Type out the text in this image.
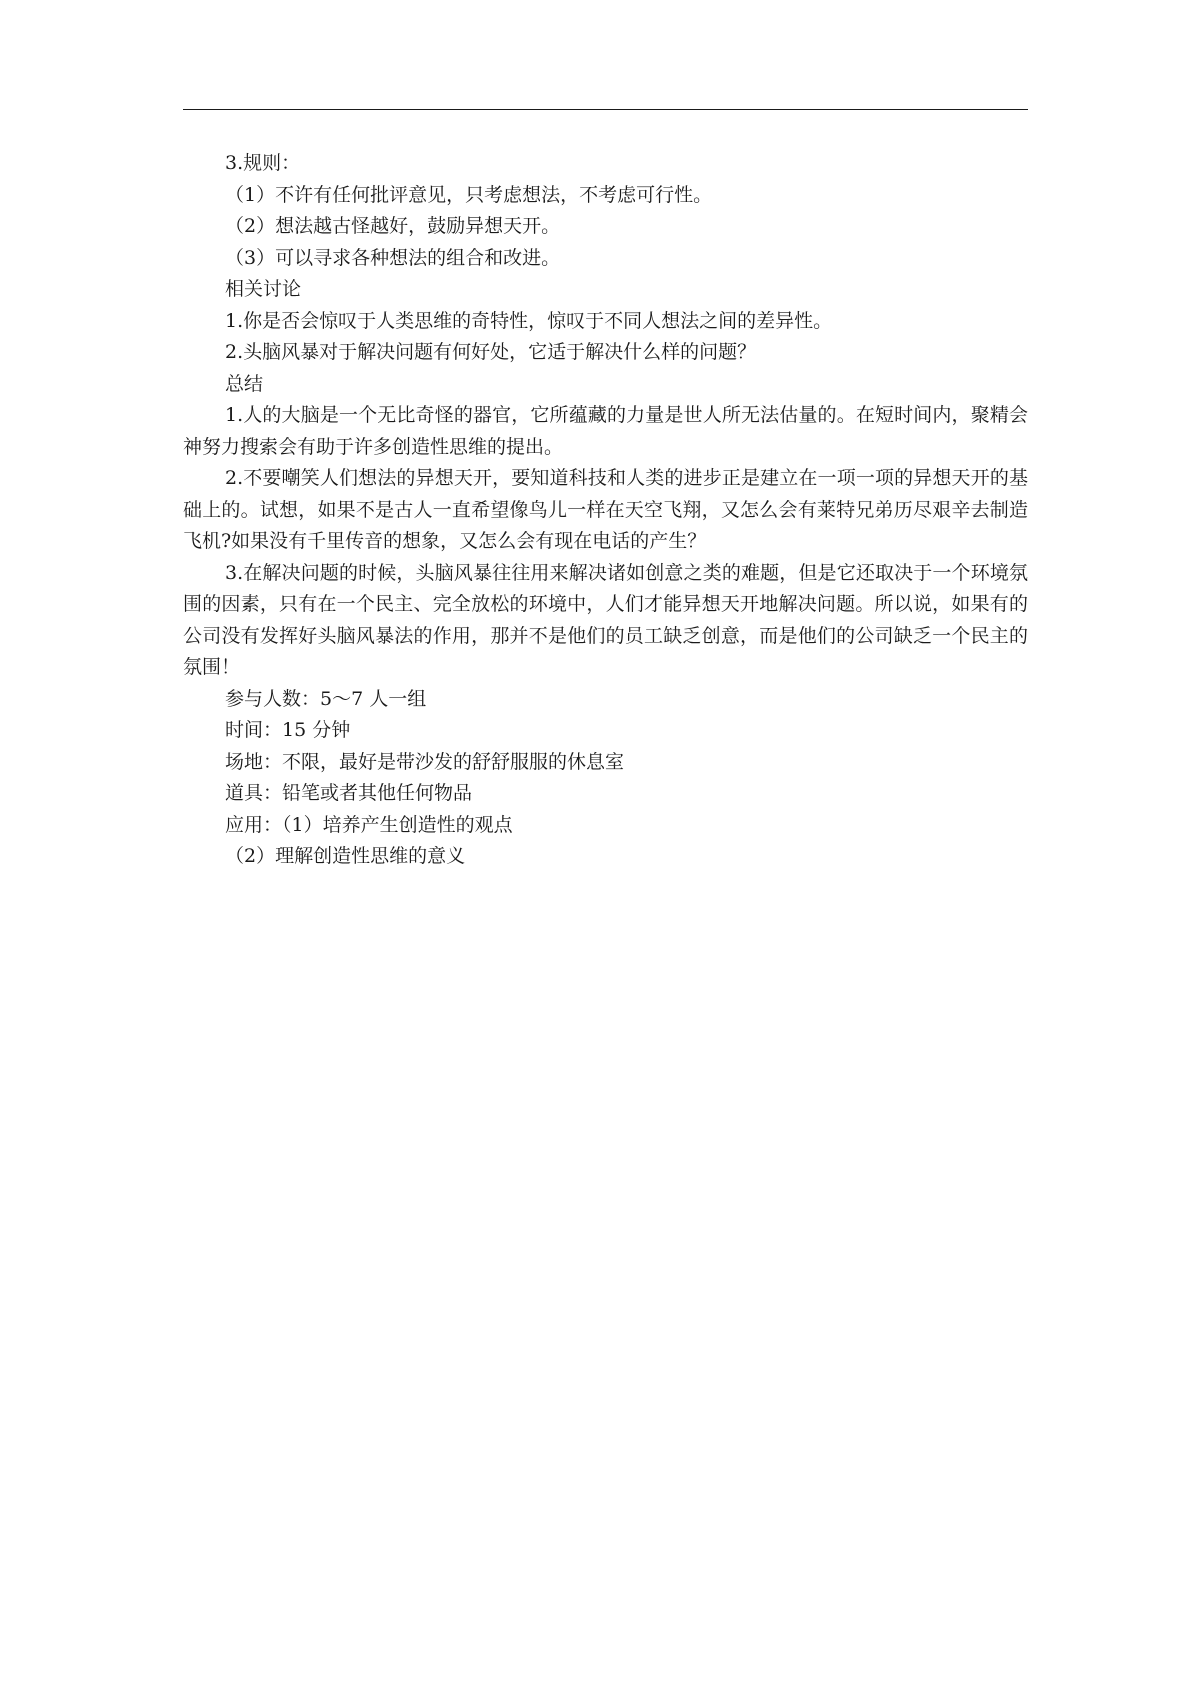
3.规则：

（1）不许有任何批评意见，只考虑想法，不考虑可行性。

（2）想法越古怪越好，鼓励异想天开。

（3）可以寻求各种想法的组合和改进。

相关讨论

1.你是否会惊叹于人类思维的奇特性，惊叹于不同人想法之间的差异性。

2.头脑风暴对于解决问题有何好处，它适于解决什么样的问题？

总结

1.人的大脑是一个无比奇怪的器官，它所蕴藏的力量是世人所无法估量的。在短时间内，聚精会神努力搜索会有助于许多创造性思维的提出。

2.不要嘲笑人们想法的异想天开，要知道科技和人类的进步正是建立在一项一项的异想天开的基础上的。试想，如果不是古人一直希望像鸟儿一样在天空飞翔，又怎么会有莱特兄弟历尽艰辛去制造飞机?如果没有千里传音的想象，又怎么会有现在电话的产生？

3.在解决问题的时候，头脑风暴往往用来解决诸如创意之类的难题，但是它还取决于一个环境氛围的因素，只有在一个民主、完全放松的环境中，人们才能异想天开地解决问题。所以说，如果有的公司没有发挥好头脑风暴法的作用，那并不是他们的员工缺乏创意，而是他们的公司缺乏一个民主的氛围！

参与人数：5～7 人一组

时间：15 分钟

场地：不限，最好是带沙发的舒舒服服的休息室

道具：铅笔或者其他任何物品

应用：（1）培养产生创造性的观点

（2）理解创造性思维的意义
